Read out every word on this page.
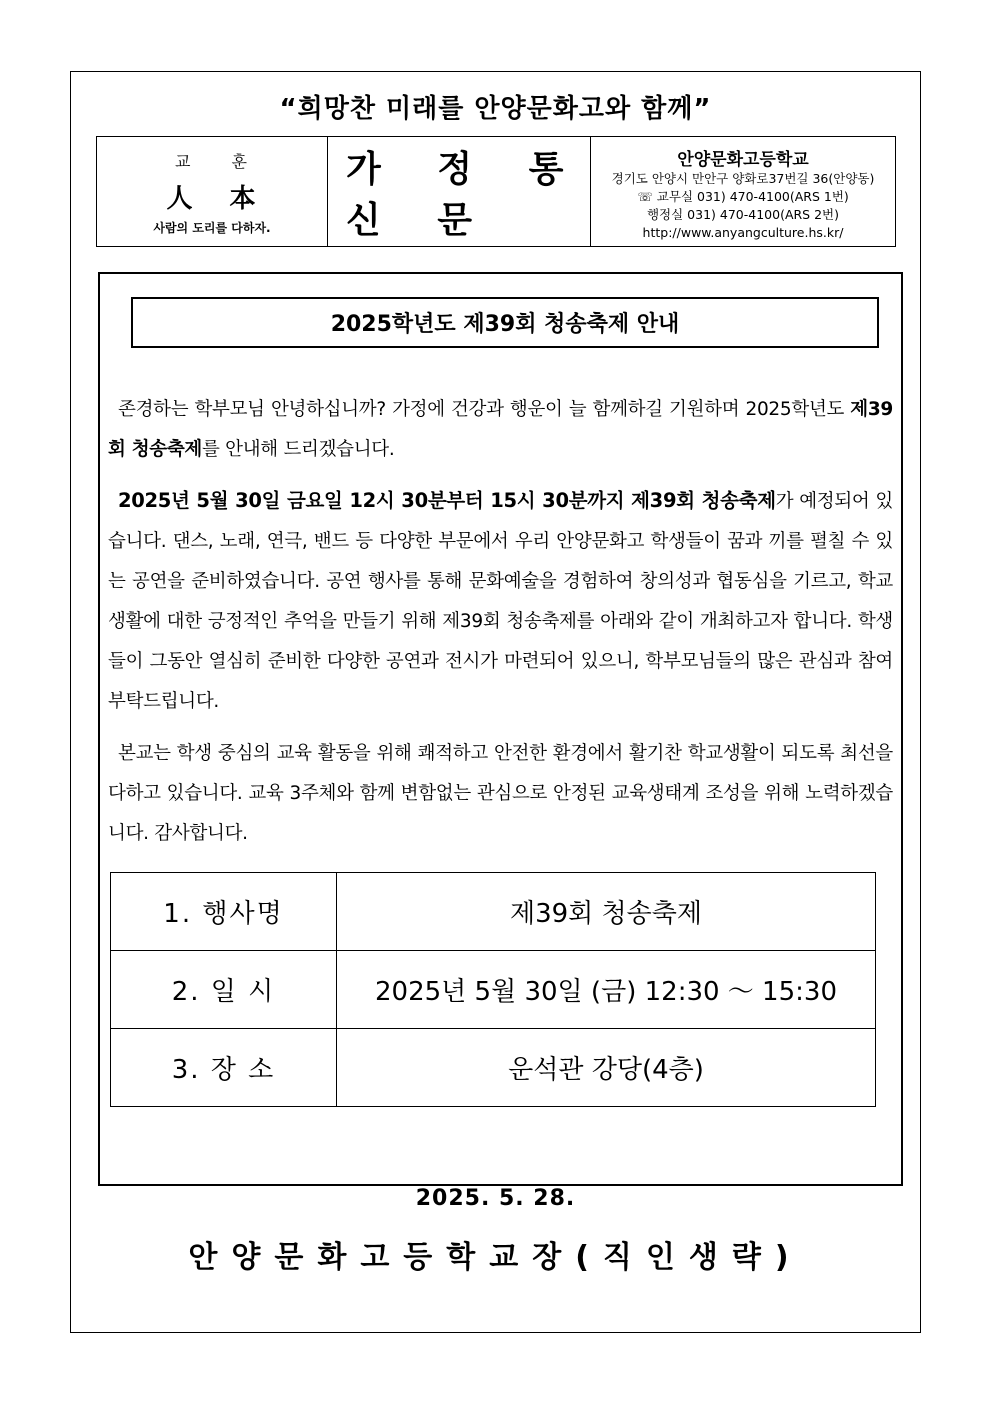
“희망찬 미래를 안양문화고와 함께”
교 훈
人 本
사람의 도리를 다하자.
가 정 통 신 문
안양문화고등학교
경기도 안양시 만안구 양화로37번길 36(안양동)
☏ 교무실 031) 470-4100(ARS 1번)
행정실 031) 470-4100(ARS 2번)
http://www.anyangculture.hs.kr/
2025학년도 제39회 청송축제 안내
존경하는 학부모님 안녕하십니까? 가정에 건강과 행운이 늘 함께하길 기원하며 2025학년도 제39회 청송축제를 안내해 드리겠습니다.
2025년 5월 30일 금요일 12시 30분부터 15시 30분까지 제39회 청송축제가 예정되어 있습니다. 댄스, 노래, 연극, 밴드 등 다양한 부문에서 우리 안양문화고 학생들이 꿈과 끼를 펼칠 수 있는 공연을 준비하였습니다. 공연 행사를 통해 문화예술을 경험하여 창의성과 협동심을 기르고, 학교생활에 대한 긍정적인 추억을 만들기 위해 제39회 청송축제를 아래와 같이 개최하고자 합니다. 학생들이 그동안 열심히 준비한 다양한 공연과 전시가 마련되어 있으니, 학부모님들의 많은 관심과 참여 부탁드립니다.
본교는 학생 중심의 교육 활동을 위해 쾌적하고 안전한 환경에서 활기찬 학교생활이 되도록 최선을 다하고 있습니다. 교육 3주체와 함께 변함없는 관심으로 안정된 교육생태계 조성을 위해 노력하겠습니다. 감사합니다.
1. 행사명	제39회 청송축제
2. 일 시	2025년 5월 30일 (금) 12:30 ～ 15:30
3. 장 소	운석관 강당(4층)
2025. 5. 28.
안양문화고등학교장(직인생략)
